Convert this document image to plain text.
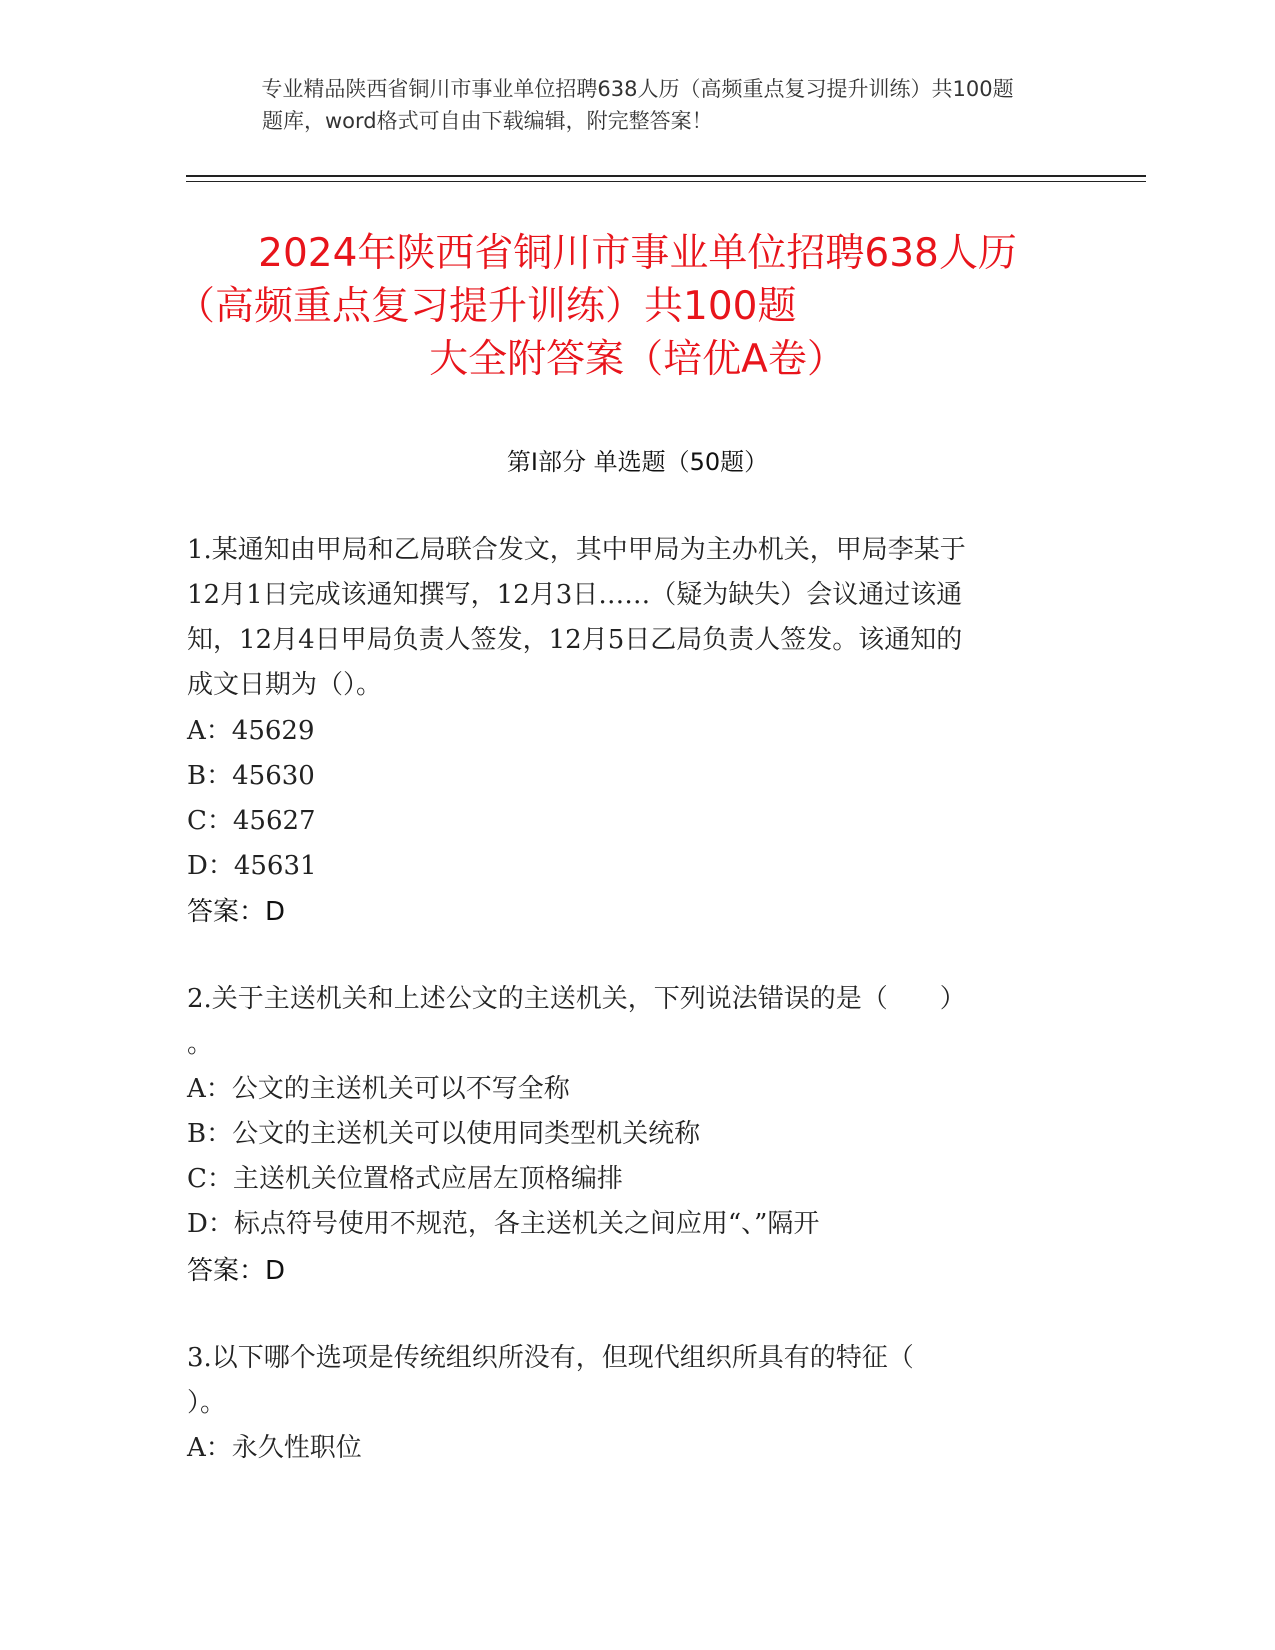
专业精品陕西省铜川市事业单位招聘638人历（高频重点复习提升训练）共100题
题库，word格式可自由下载编辑，附完整答案！
2024年陕西省铜川市事业单位招聘638人历
（高频重点复习提升训练）共100题
大全附答案（培优A卷）
第I部分 单选题（50题）
1.某通知由甲局和乙局联合发文，其中甲局为主办机关，甲局李某于
12月1日完成该通知撰写，12月3日……（疑为缺失）会议通过该通
知，12月4日甲局负责人签发，12月5日乙局负责人签发。该通知的
成文日期为（）。
A：45629
B：45630
C：45627
D：45631
答案：D
2.关于主送机关和上述公文的主送机关，下列说法错误的是（　　）
。
A：公文的主送机关可以不写全称
B：公文的主送机关可以使用同类型机关统称
C：主送机关位置格式应居左顶格编排
D：标点符号使用不规范，各主送机关之间应用“、”隔开
答案：D
3.以下哪个选项是传统组织所没有，但现代组织所具有的特征（
）。
A：永久性职位
